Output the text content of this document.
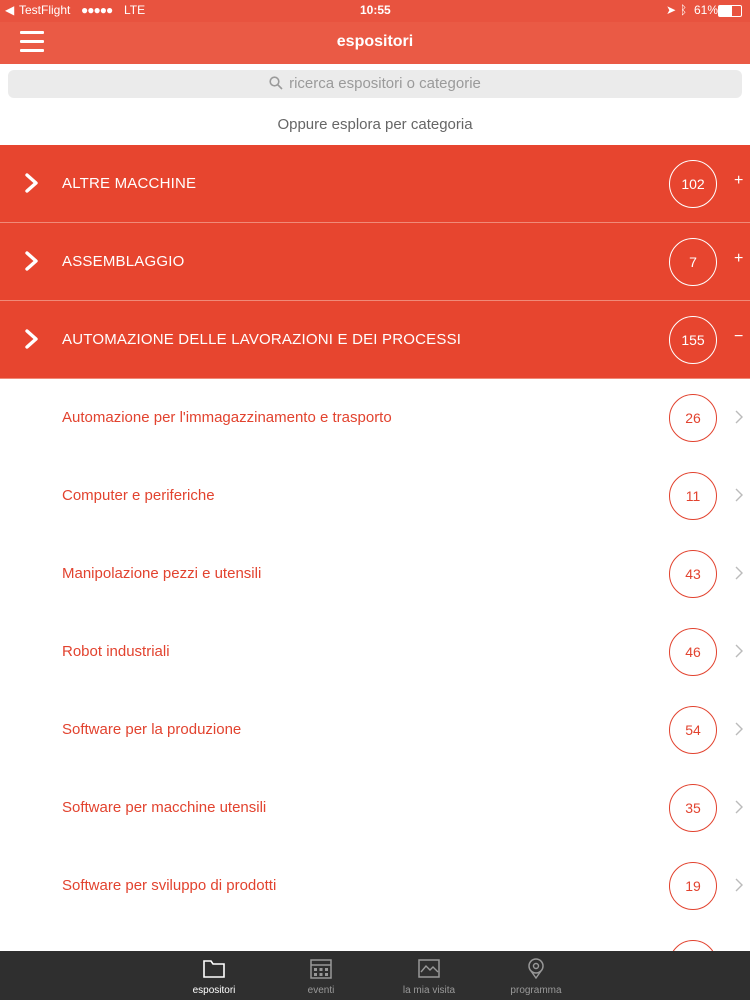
◀ TestFlight ●●●●● LTE	10:55	➤ ᛒ 61%
espositori
ricerca espositori o categorie
Oppure esplora per categoria
ALTRE MACCHINE	102	+
ASSEMBLAGGIO	7	+
AUTOMAZIONE DELLE LAVORAZIONI E DEI PROCESSI	155	−
Automazione per l'immagazzinamento e trasporto	26
Computer e periferiche	11
Manipolazione pezzi e utensili	43
Robot industriali	46
Software per la produzione	54
Software per macchine utensili	35
Software per sviluppo di prodotti	19
espositori	eventi	la mia visita	programma
